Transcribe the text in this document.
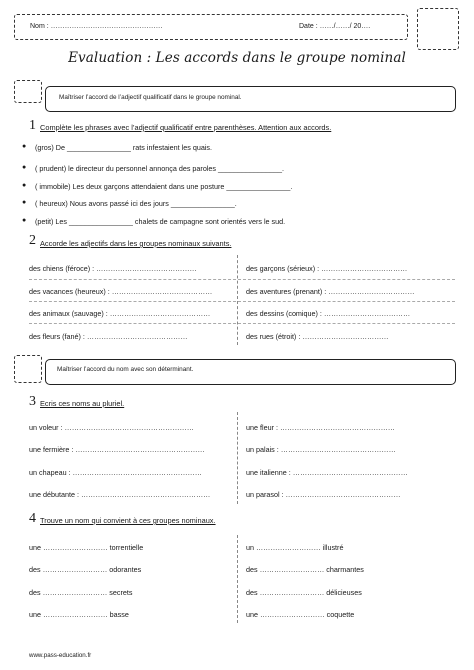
Nom : …………………………………………	Date : ……/……/ 20….
Evaluation : Les accords dans le groupe nominal
Maîtriser l’accord de l’adjectif qualificatif dans le groupe nominal.
1 Complète les phrases avec l’adjectif qualificatif entre parenthèses. Attention aux accords.
● (gros) De ________________ rats infestaient les quais.
● ( prudent) le directeur du personnel annonça des paroles ________________.
● ( immobile) Les deux garçons attendaient dans une posture ________________.
● ( heureux) Nous avons passé ici des jours ________________.
● (petit) Les ________________ chalets de campagne sont orientés vers le sud.
2 Accorde les adjectifs dans les groupes nominaux suivants.
des chiens (féroce) : ……………………………………	des garçons (sérieux) : ………………………………
des vacances (heureux) : ……………………………………	des aventures (prenant) : ………………………………
des animaux (sauvage) : ……………………………………	des dessins (comique) : ………………………………
des fleurs (fané) : ……………………………………	des rues (étroit) : ………………………………
Maîtriser l’accord du nom avec son déterminant.
3 Ecris ces noms au pluriel.
un voleur : ………………………………………………	une fleur : …………………………………………
une fermière : ………………………………………………	un palais : …………………………………………
un chapeau : ………………………………………………	une italienne : …………………………………………
une débutante : ………………………………………………	un parasol : …………………………………………
4 Trouve un nom qui convient à ces groupes nominaux.
une ……………………… torrentielle	un ……………………… illustré
des ……………………… odorantes	des ……………………… charmantes
des ……………………… secrets	des ……………………… délicieuses
une ……………………… basse	une ……………………… coquette
www.pass-education.fr
